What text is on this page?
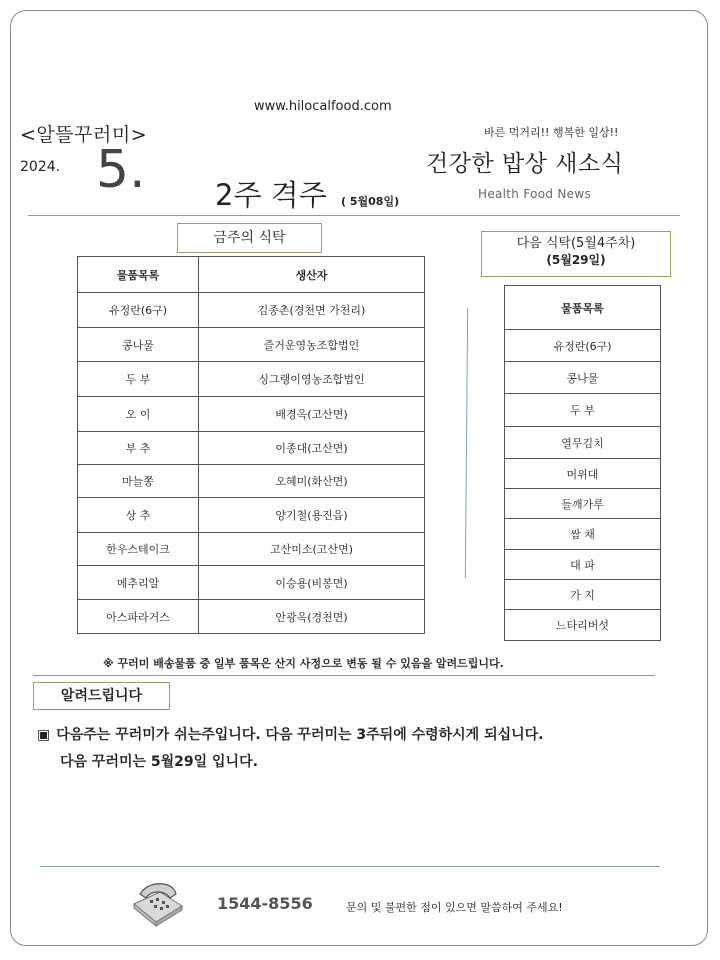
www.hilocalfood.com
<알뜰꾸러미>
2024. 5. 2주 격주 ( 5월08일)
바른 먹거리!! 행복한 일상!!
건강한 밥상 새소식
Health Food News
금주의 식탁
물품목록	생산자
유정란(6구)	김종촌(경천면 가천리)
콩나물	즐거운영농조합법인
두 부	싱그랭이영농조합법인
오 이	배경옥(고산면)
부 추	이종대(고산면)
마늘쫑	오혜미(화산면)
상 추	양기철(용진읍)
한우스테이크	고산미소(고산면)
메추리알	이승용(비봉면)
아스파라거스	안광옥(경천면)
다음 식탁(5월4주차)
(5월29일)
물품목록
유정란(6구)
콩나물
두 부
열무김치
머위대
들깨가루
쌈 채
대 파
가 지
느타리버섯
※ 꾸러미 배송물품 중 일부 품목은 산지 사정으로 변동 될 수 있음을 알려드립니다.
알려드립니다
▣ 다음주는 꾸러미가 쉬는주입니다. 다음 꾸러미는 3주뒤에 수령하시게 되십니다.
다음 꾸러미는 5월29일 입니다.
1544-8556	문의 및 불편한 점이 있으면 말씀하여 주세요!
